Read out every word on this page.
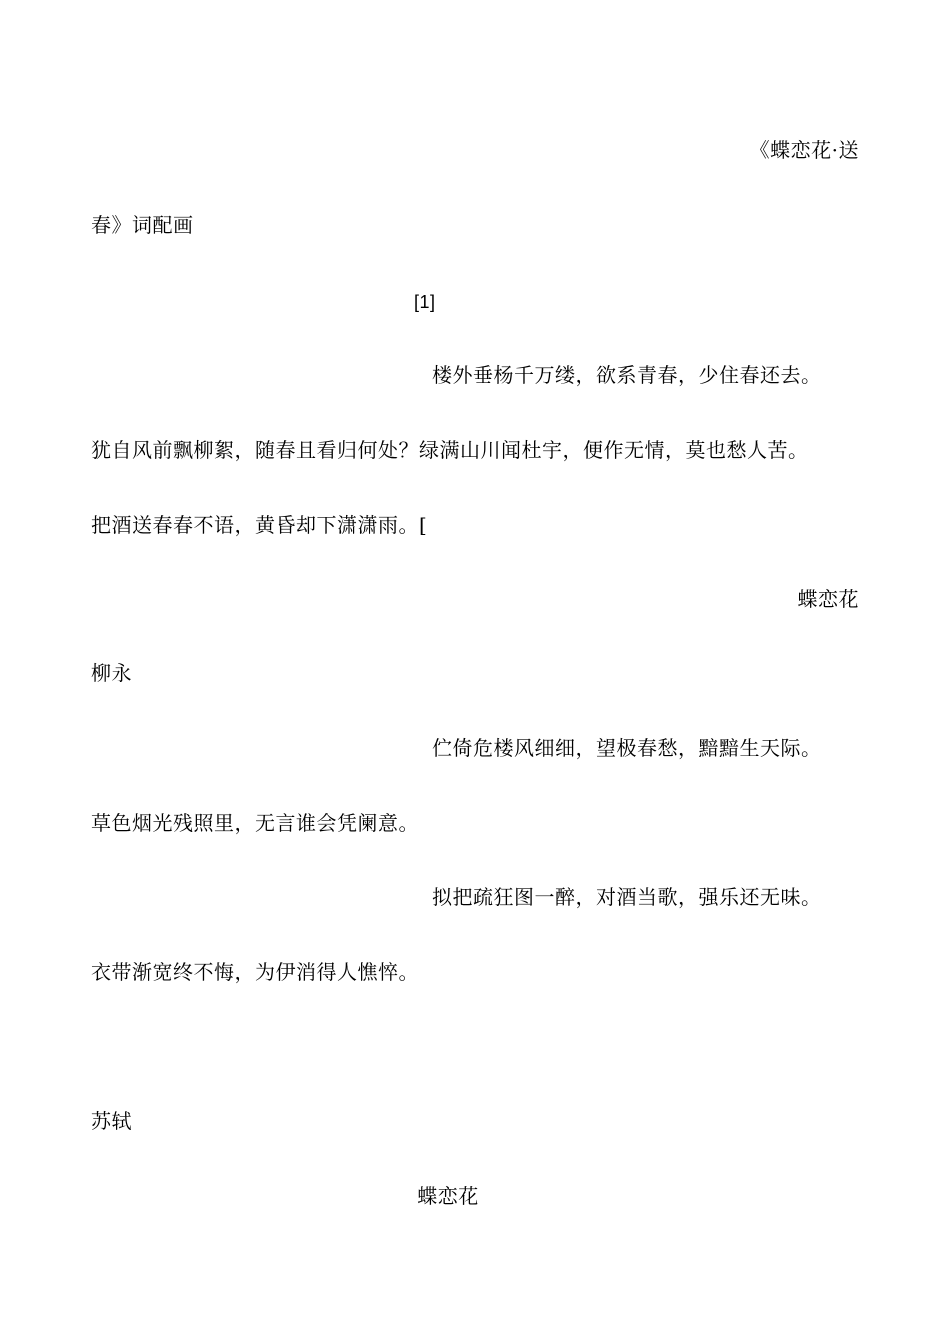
《蝶恋花·送
春》词配画
[1]
楼外垂杨千万缕，欲系青春，少住春还去。
犹自风前飘柳絮，随春且看归何处？绿满山川闻杜宇，便作无情，莫也愁人苦。
把酒送春春不语，黄昏却下潇潇雨。[
蝶恋花
柳永
伫倚危楼风细细，望极春愁，黯黯生天际。
草色烟光残照里，无言谁会凭阑意。
拟把疏狂图一醉，对酒当歌，强乐还无味。
衣带渐宽终不悔，为伊消得人憔悴。
苏轼
蝶恋花
